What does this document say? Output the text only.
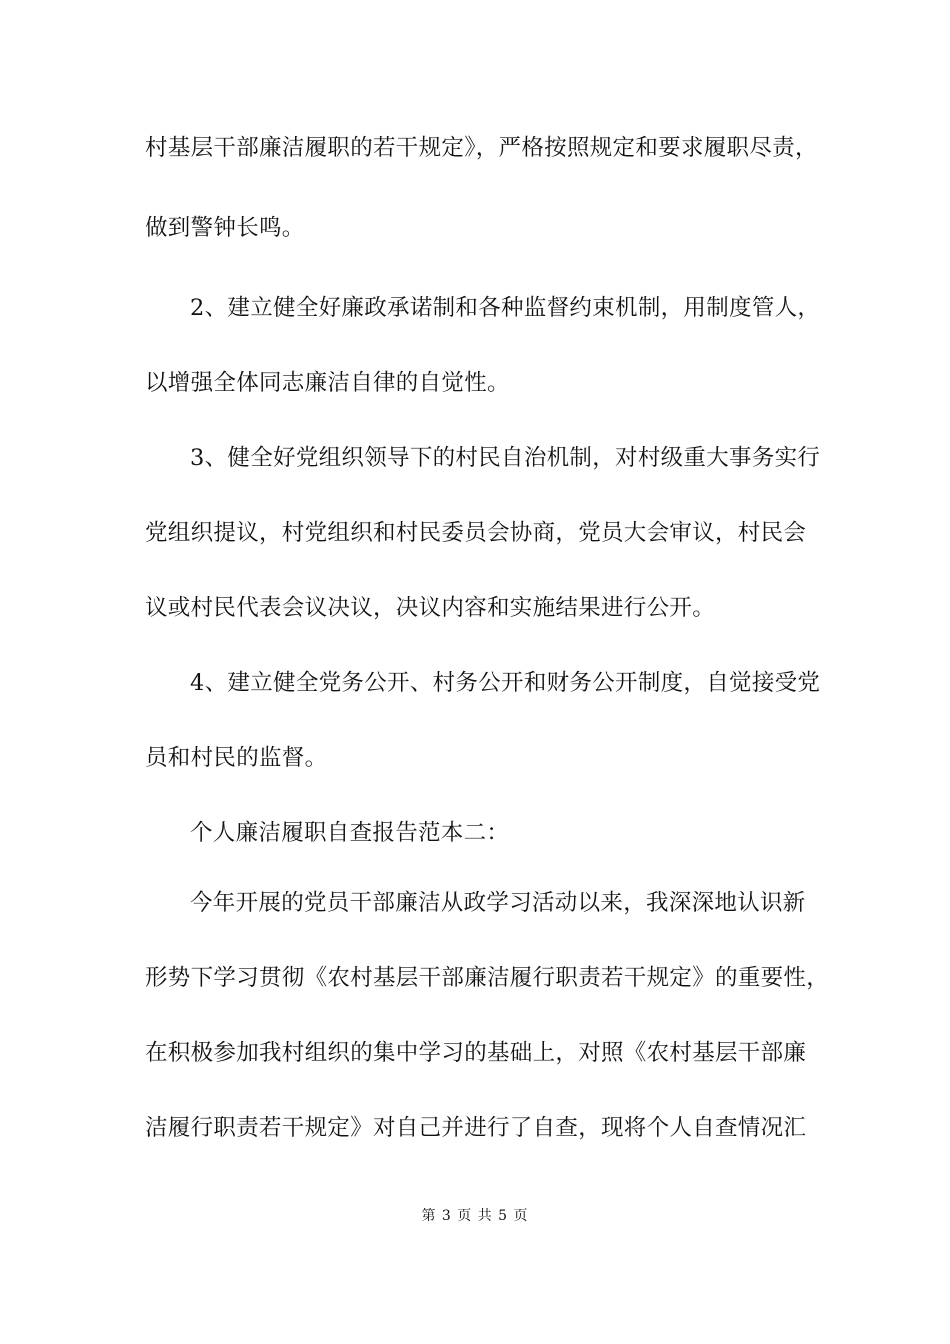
村基层干部廉洁履职的若干规定》，严格按照规定和要求履职尽责，
做到警钟长鸣。
2、建立健全好廉政承诺制和各种监督约束机制，用制度管人，
以增强全体同志廉洁自律的自觉性。
3、健全好党组织领导下的村民自治机制，对村级重大事务实行
党组织提议，村党组织和村民委员会协商，党员大会审议，村民会
议或村民代表会议决议，决议内容和实施结果进行公开。
4、建立健全党务公开、村务公开和财务公开制度，自觉接受党
员和村民的监督。
个人廉洁履职自查报告范本二：
今年开展的党员干部廉洁从政学习活动以来，我深深地认识新
形势下学习贯彻《农村基层干部廉洁履行职责若干规定》的重要性，
在积极参加我村组织的集中学习的基础上，对照《农村基层干部廉
洁履行职责若干规定》对自己并进行了自查，现将个人自查情况汇
第 3 页 共 5 页
